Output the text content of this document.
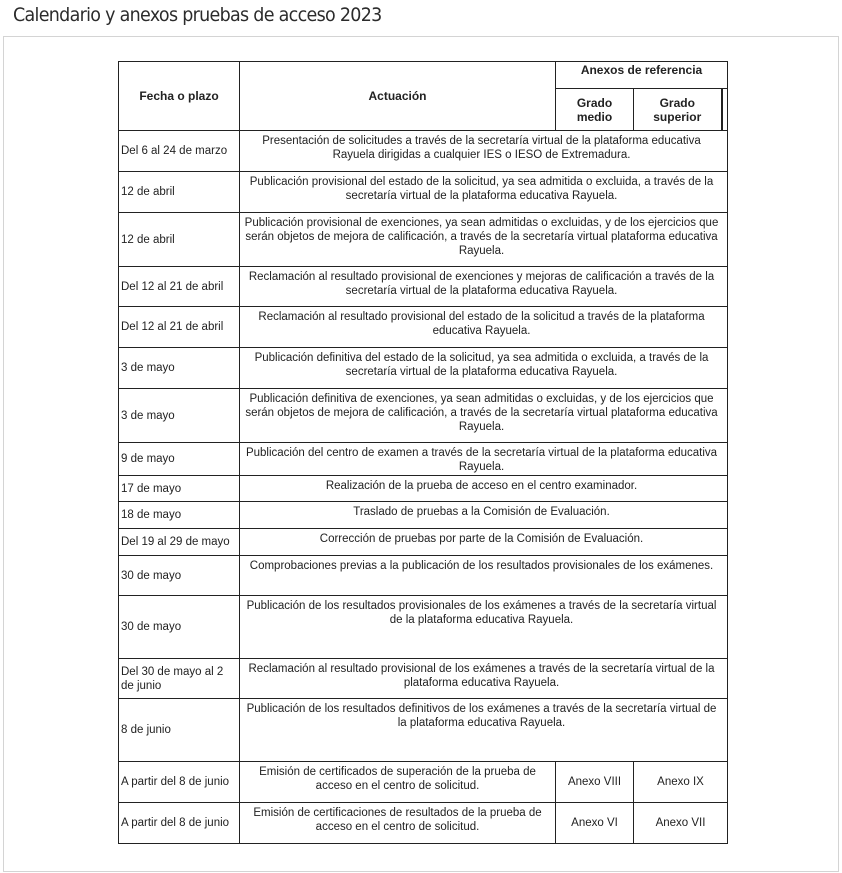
Calendario y anexos pruebas de acceso 2023
Fecha o plazo	Actuación	Anexos de referencia		
		Grado medio	Grado superior	
Del 6 al 24 de marzo	Presentación de solicitudes a través de la secretaría virtual de la plataforma educativa Rayuela dirigidas a cualquier IES o IESO de Extremadura.			
12 de abril	Publicación provisional del estado de la solicitud, ya sea admitida o excluida, a través de la secretaría virtual de la plataforma educativa Rayuela.			
12 de abril	Publicación provisional de exenciones, ya sean admitidas o excluidas, y de los ejercicios que serán objetos de mejora de calificación, a través de la secretaría virtual plataforma educativa Rayuela.			
Del 12 al 21 de abril	Reclamación al resultado provisional de exenciones y mejoras de calificación a través de la secretaría virtual de la plataforma educativa Rayuela.			
Del 12 al 21 de abril	Reclamación al resultado provisional del estado de la solicitud a través de la plataforma educativa Rayuela.			
3 de mayo	Publicación definitiva del estado de la solicitud, ya sea admitida o excluida, a través de la secretaría virtual de la plataforma educativa Rayuela.			
3 de mayo	Publicación definitiva de exenciones, ya sean admitidas o excluidas, y de los ejercicios que serán objetos de mejora de calificación, a través de la secretaría virtual plataforma educativa Rayuela.			
9 de mayo	Publicación del centro de examen a través de la secretaría virtual de la plataforma educativa Rayuela.			
17 de mayo	Realización de la prueba de acceso en el centro examinador.			
18 de mayo	Traslado de pruebas a la Comisión de Evaluación.			
Del 19 al 29 de mayo	Corrección de pruebas por parte de la Comisión de Evaluación.			
30 de mayo	Comprobaciones previas a la publicación de los resultados provisionales de los exámenes.			
30 de mayo	Publicación de los resultados provisionales de los exámenes a través de la secretaría virtual de la plataforma educativa Rayuela.			
Del 30 de mayo al 2 de junio	Reclamación al resultado provisional de los exámenes a través de la secretaría virtual de la plataforma educativa Rayuela.			
8 de junio	Publicación de los resultados definitivos de los exámenes a través de la secretaría virtual de la plataforma educativa Rayuela.			
A partir del 8 de junio	Emisión de certificados de superación de la prueba de acceso en el centro de solicitud.	Anexo VIII	Anexo IX	
A partir del 8 de junio	Emisión de certificaciones de resultados de la prueba de acceso en el centro de solicitud.	Anexo VI	Anexo VII	
